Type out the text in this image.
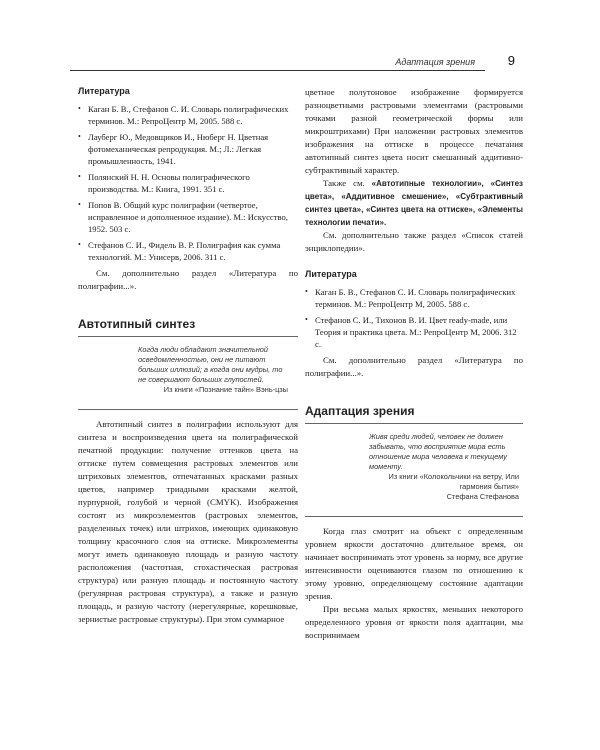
Адаптация зрения	9
Литература
• Каган Б. В., Стефанов С. И. Словарь полиграфических терминов. М.: РепроЦентр М, 2005. 588 с.
• Лауберг Ю., Медовщиков И., Нюберг Н. Цветная фотомеханическая репродукция. М.; Л.: Легкая промышленность, 1941.
• Полянский Н. Н. Основы полиграфического производства. М.: Книга, 1991. 351 с.
• Попов В. Общий курс полиграфии (четвертое, исправленное и дополненное издание). М.: Искусство, 1952. 503 с.
• Стефанов С. И., Фидель В. Р. Полиграфия как сумма технологий. М.: Унисерв, 2006. 311 с.

См. дополнительно раздел «Литература по полиграфии...».

Автотипный синтез
Когда люди обладают значительной осведомленностью, они не питают больших иллюзий; а когда они мудры, то не совершают больших глупостей.
Из книги «Познание тайн» Вэнь-цзы

Автотипный синтез в полиграфии используют для синтеза и воспроизведения цвета на полиграфической печатной продукции: получение оттенков цвета на оттиске путем совмещения растровых элементов или штриховых элементов, отпечатанных красками разных цветов, например триадными красками желтой, пурпурной, голубой и черной (CMYK). Изображения состоят из микроэлементов (растровых элементов, разделенных точек) или штрихов, имеющих одинаковую толщину красочного слоя на оттиске. Микроэлементы могут иметь одинаковую площадь и разную частоту расположения (частотная, стохастическая растровая структура) или разную площадь и постоянную частоту (регулярная растровая структура), а также и разную площадь, и разную частоту (нерегулярные, корешковые, зернистые растровые структуры). При этом суммарное

цветное полутоновое изображение формируется разноцветными растровыми элементами (растровыми точками разной геометрической формы или микроштрихами) При наложении растровых элементов изображения на оттиске в процессе печатания автотипный синтез цвета носит смешанный аддитивно-субтрактивный характер.

Также см. «Автотипные технологии», «Синтез цвета», «Аддитивное смешение», «Субтрактивный синтез цвета», «Синтез цвета на оттиске», «Элементы технологии печати».

См. дополнительно также раздел «Список статей энциклопедии».

Литература
• Каган Б. В., Стефанов С. И. Словарь полиграфических терминов. М.: РепроЦентр М, 2005. 588 с.
• Стефанов С. И., Тихонов В. И. Цвет ready-made, или Теория и практика цвета. М.: РепроЦентр М, 2006. 312 с.

См. дополнительно раздел «Литература по полиграфии...».

Адаптация зрения
Живя среди людей, человек не должен забывать, что восприятие мира есть отношение мира человека к текущему моменту.
Из книги «Колокольчики на ветру, Или гармония бытия»
Стефана Стефанова

Когда глаз смотрит на объект с определенным уровнем яркости достаточно длительное время, он начинает воспринимать этот уровень за норму, все другие интенсивности оцениваются глазом по отношению к этому уровню, определяющему состояние адаптации зрения.

При весьма малых яркостях, меньших некоторого определенного уровня от яркости поля адаптации, мы воспринимаем
